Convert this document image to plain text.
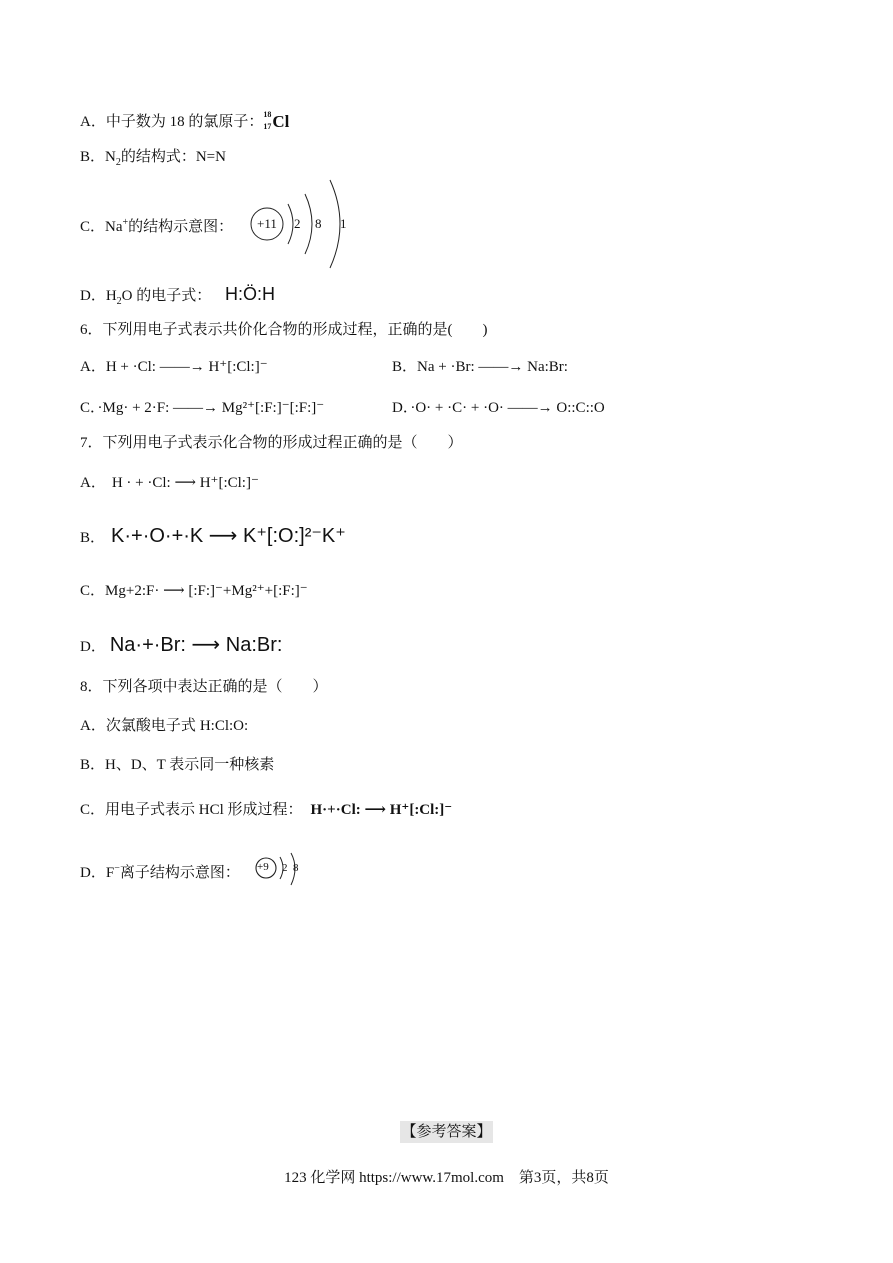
A．中子数为 18 的氯原子： 18
17 Cl
B．$N_2$的结构式：N=N
C．Na+的结构示意图： +11 2 8 1
D．$H_2O$ 的电子式： H:Ö:H
6．下列用电子式表示共价化合物的形成过程，正确的是(　　)
A．H + ·Cl: ——→ H⁺[:Cl:]⁻	B．Na + ·Br: ——→ Na:Br:
C．·Mg· + 2·F: ——→ Mg²⁺[:F:]⁻[:F:]⁻	D．·O· + ·C· + ·O· ——→ O::C::O
7．下列用电子式表示化合物的形成过程正确的是（　　）
A． H · + ·Cl: ⟶ H⁺[:Cl:]⁻
B． K·+·O·+·K ⟶ K⁺[:O:]²⁻K⁺
C．Mg+2:F· ⟶ [:F:]⁻+Mg²⁺+[:F:]⁻
D． Na·+·Br: ⟶ Na:Br:
8．下列各项中表达正确的是（　　）
A．次氯酸电子式 H:Cl:O:
B．H、D、T 表示同一种核素
C．用电子式表示 HCl 形成过程： H·+·Cl: ⟶ H⁺[:Cl:]⁻
D．F−离子结构示意图： +9 2 8
【参考答案】
123 化学网 https://www.17mol.com　第3页，共8页
